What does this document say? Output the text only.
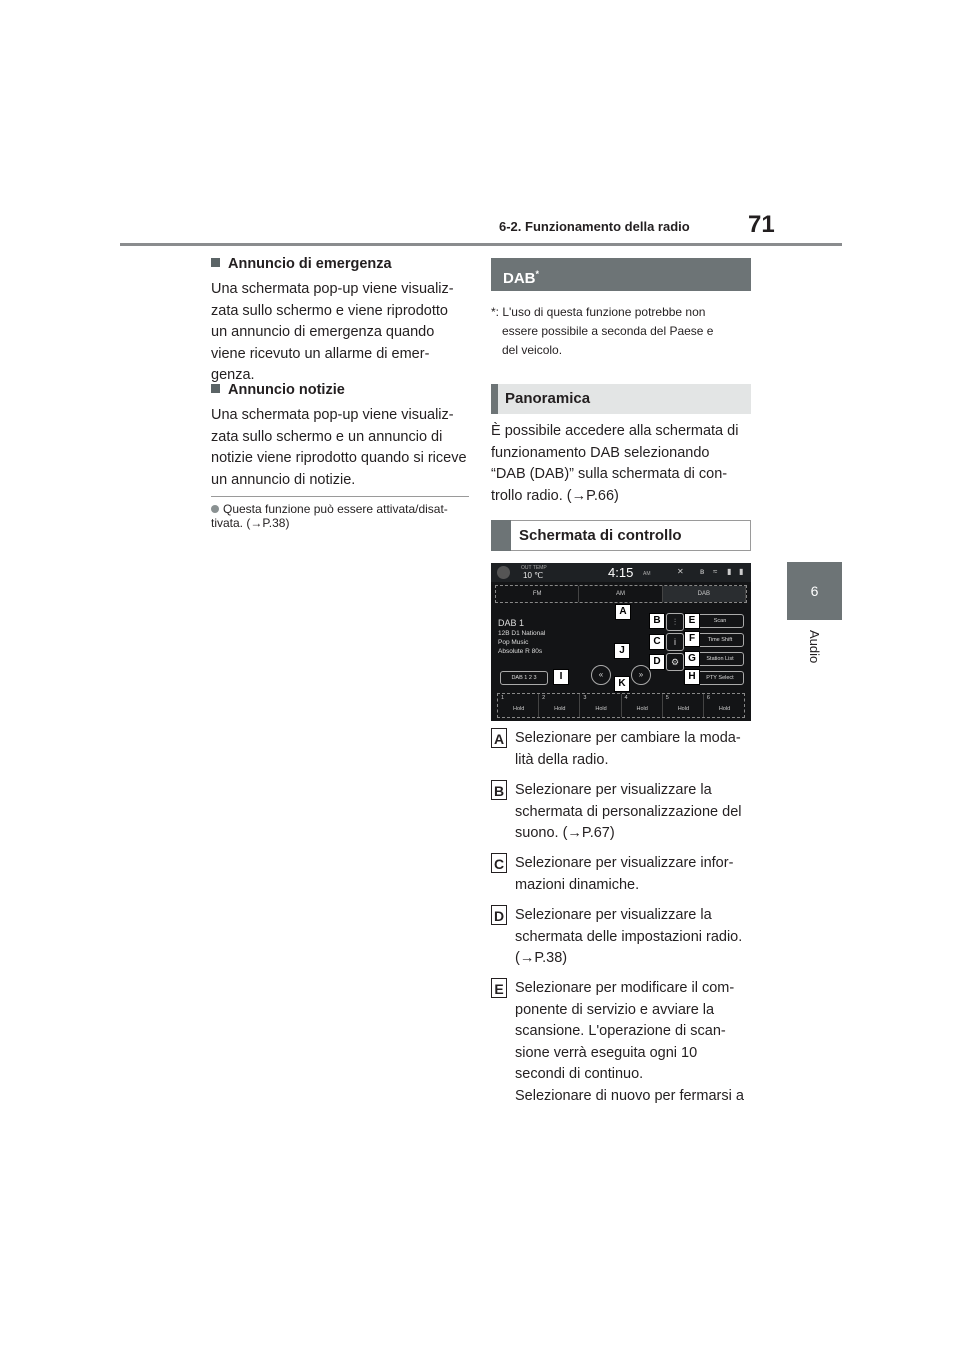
6-2. Funzionamento della radio 71
6
Audio
Annuncio di emergenza
Una schermata pop-up viene visualiz-
zata sullo schermo e viene riprodotto
un annuncio di emergenza quando
viene ricevuto un allarme di emer-
genza.
Annuncio notizie
Una schermata pop-up viene visualiz-
zata sullo schermo e un annuncio di
notizie viene riprodotto quando si riceve
un annuncio di notizie.
Questa funzione può essere attivata/disat-
tivata. (→P.38)
DAB*
*: L'uso di questa funzione potrebbe non
essere possibile a seconda del Paese e
del veicolo.
Panoramica
È possibile accedere alla schermata di
funzionamento DAB selezionando
“DAB (DAB)” sulla schermata di con-
trollo radio. (→P.66)
Schermata di controllo
OUT TEMP
10 ℃	4:15 AM	✕ ʙ ≈ ▮ ▮
FM	AM	DAB
DAB 1
12B D1 National
Pop Music
Absolute R 80s
DAB 1 2 3
⫶
i
⚙
Scan
Time Shift
Station List
PTY Select
«	»
1
Hold
2
Hold
3
Hold
4
Hold
5
Hold
6
Hold
A
B
C
D
E
F
G
H
I
J
K
A Selezionare per cambiare la moda-
lità della radio.
B Selezionare per visualizzare la
schermata di personalizzazione del
suono. (→P.67)
C Selezionare per visualizzare infor-
mazioni dinamiche.
D Selezionare per visualizzare la
schermata delle impostazioni radio.
(→P.38)
E Selezionare per modificare il com-
ponente di servizio e avviare la
scansione. L'operazione di scan-
sione verrà eseguita ogni 10
secondi di continuo.
Selezionare di nuovo per fermarsi a
